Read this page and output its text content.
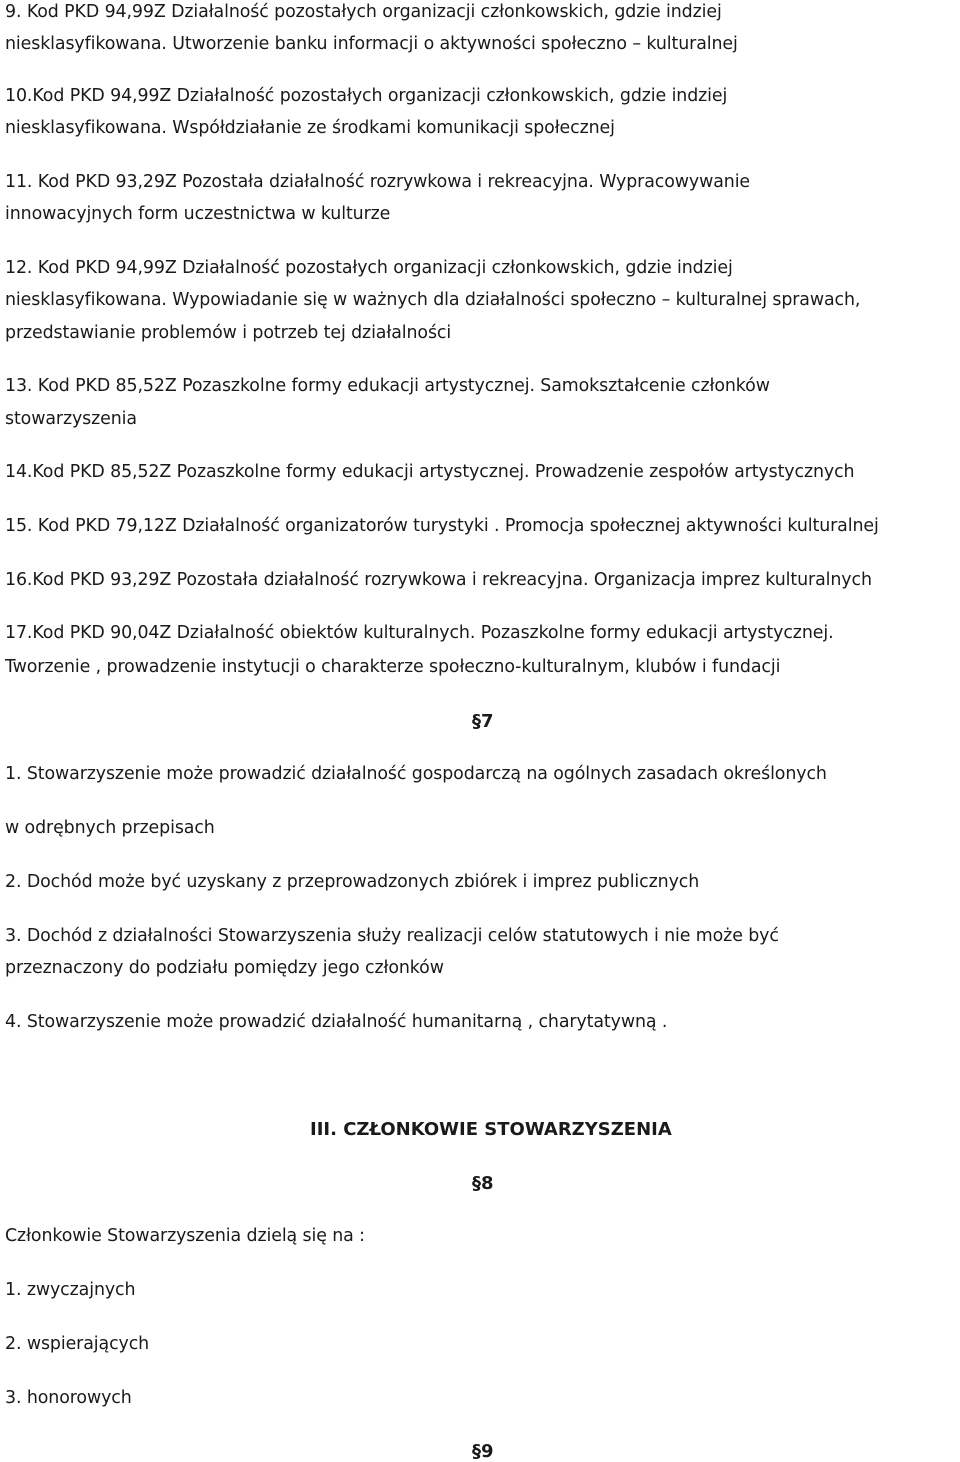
9. Kod PKD 94,99Z Działalność pozostałych organizacji członkowskich, gdzie indziej
niesklasyfikowana. Utworzenie banku informacji o aktywności społeczno – kulturalnej
10.Kod PKD 94,99Z Działalność pozostałych organizacji członkowskich, gdzie indziej
niesklasyfikowana. Współdziałanie ze środkami komunikacji społecznej
11. Kod PKD 93,29Z Pozostała działalność rozrywkowa i rekreacyjna. Wypracowywanie
innowacyjnych form uczestnictwa w kulturze
12. Kod PKD 94,99Z Działalność pozostałych organizacji członkowskich, gdzie indziej
niesklasyfikowana. Wypowiadanie się w ważnych dla działalności społeczno – kulturalnej sprawach,
przedstawianie problemów i potrzeb tej działalności
13. Kod PKD 85,52Z Pozaszkolne formy edukacji artystycznej. Samokształcenie członków
stowarzyszenia
14.Kod PKD 85,52Z Pozaszkolne formy edukacji artystycznej. Prowadzenie zespołów artystycznych
15. Kod PKD 79,12Z Działalność organizatorów turystyki . Promocja społecznej aktywności kulturalnej
16.Kod PKD 93,29Z Pozostała działalność rozrywkowa i rekreacyjna. Organizacja imprez kulturalnych
17.Kod PKD 90,04Z Działalność obiektów kulturalnych. Pozaszkolne formy edukacji artystycznej.
Tworzenie , prowadzenie instytucji o charakterze społeczno-kulturalnym, klubów i fundacji
§7
1. Stowarzyszenie może prowadzić działalność gospodarczą na ogólnych zasadach określonych
w odrębnych przepisach
2. Dochód może być uzyskany z przeprowadzonych zbiórek i imprez publicznych
3. Dochód z działalności Stowarzyszenia służy realizacji celów statutowych i nie może być
przeznaczony do podziału pomiędzy jego członków
4. Stowarzyszenie może prowadzić działalność humanitarną , charytatywną .
III. CZŁONKOWIE STOWARZYSZENIA
§8
Członkowie Stowarzyszenia dzielą się na :
1. zwyczajnych
2. wspierających
3. honorowych
§9
